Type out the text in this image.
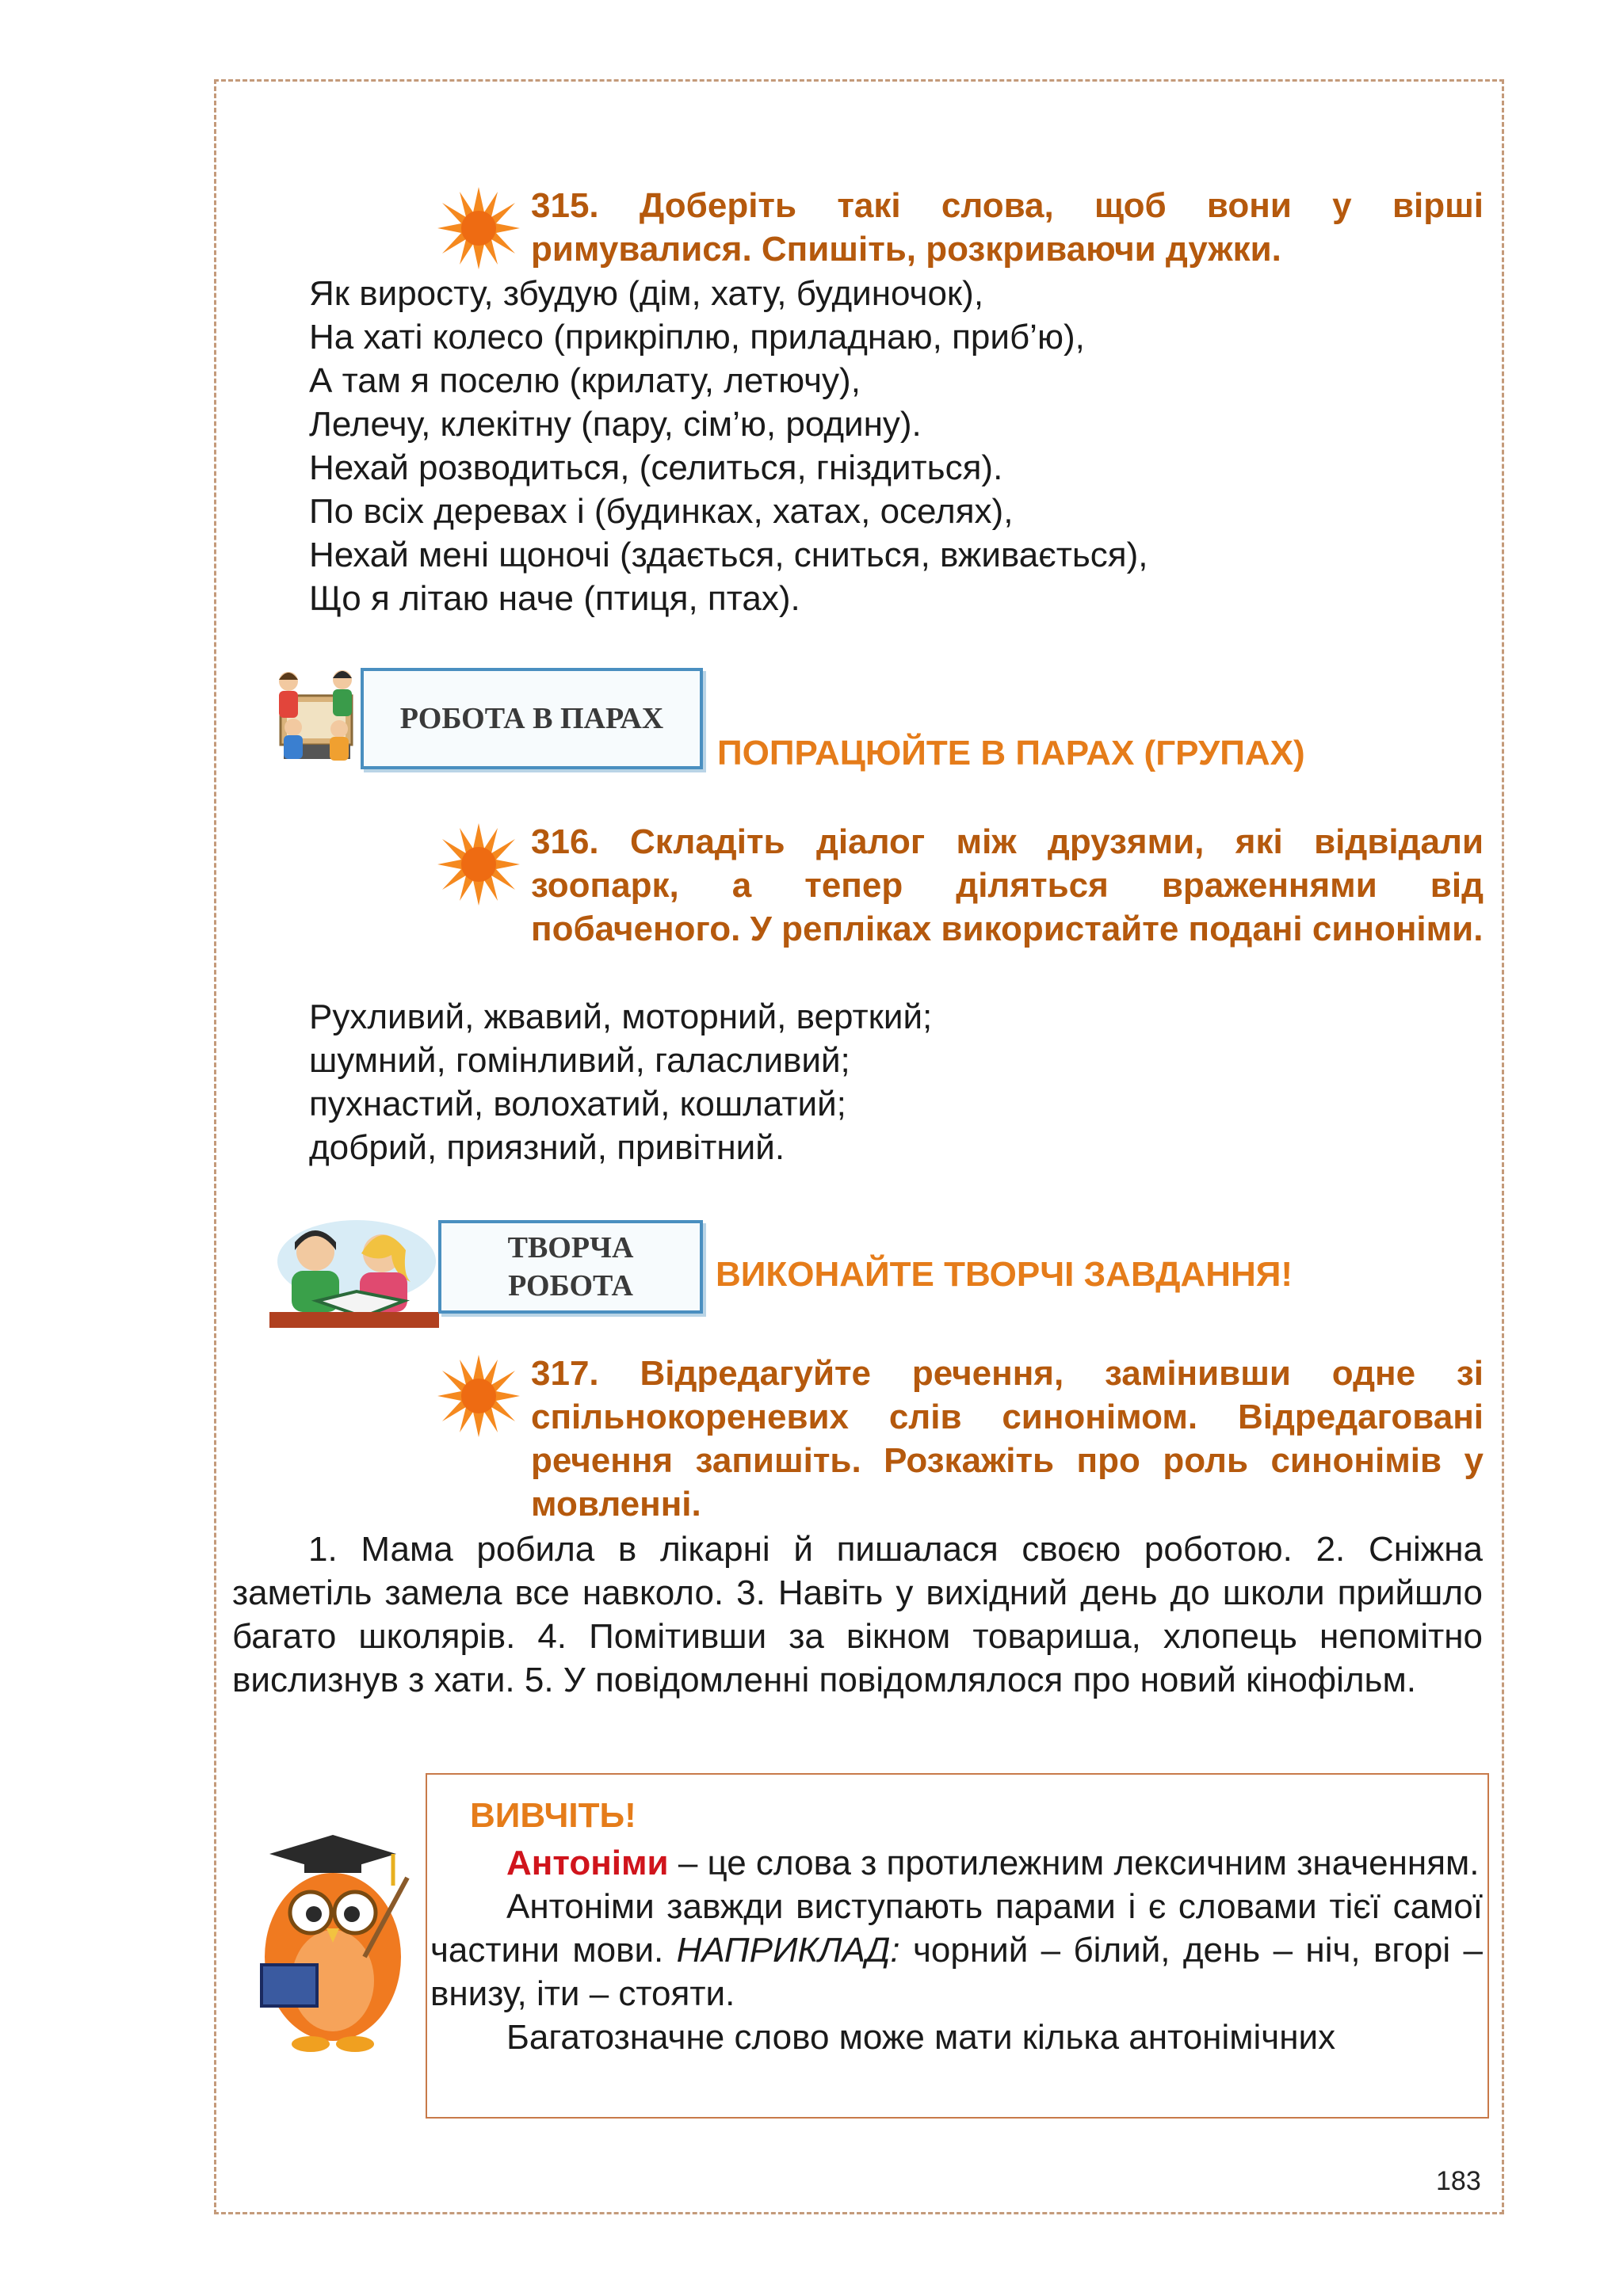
315. Доберіть такі слова, щоб вони у вірші римувалися. Спишіть, розкриваючи дужки.

Як виросту, збудую (дім, хату, будиночок),
На хаті колесо (прикріплю, приладнаю, приб’ю),
А там я поселю (крилату, летючу),
Лелечу, клекітну (пару, сім’ю, родину).
Нехай розводиться, (селиться, гніздиться).
По всіх деревах і (будинках, хатах, оселях),
Нехай мені щоночі (здається, сниться, вживається),
Що я літаю наче (птиця, птах).
РОБОТА В ПАРАХ
ПОПРАЦЮЙТЕ В ПАРАХ (ГРУПАХ)

316. Складіть діалог між друзями, які відвідали зоопарк, а тепер діляться враженнями від побаченого. У репліках використайте подані синоніми.

Рухливий, жвавий, моторний, верткий;
шумний, гомінливий, галасливий;
пухнастий, волохатий, кошлатий;
добрий, приязний, привітний.
ТВОРЧА
РОБОТА ВИКОНАЙТЕ ТВОРЧІ ЗАВДАННЯ!

317. Відредагуйте речення, замінивши одне зі спільнокореневих слів синонімом. Відредаговані речення запишіть. Розкажіть про роль синонімів у мовленні.

1. Мама робила в лікарні й пишалася своєю роботою. 2. Сніжна заметіль замела все навколо. 3. Навіть у вихідний день до школи прийшло багато школярів. 4. Помітивши за вікном товариша, хлопець непомітно вислизнув з хати. 5. У повідомленні повідомлялося про новий кінофільм.

ВИВЧІТЬ!

Антоніми – це слова з протилежним лексичним значенням.

Антоніми завжди виступають парами і є словами тієї самої частини мови. НАПРИКЛАД: чорний – білий, день – ніч, вгорі – внизу, іти – стояти.

Багатозначне слово може мати кілька антонімічних

183
